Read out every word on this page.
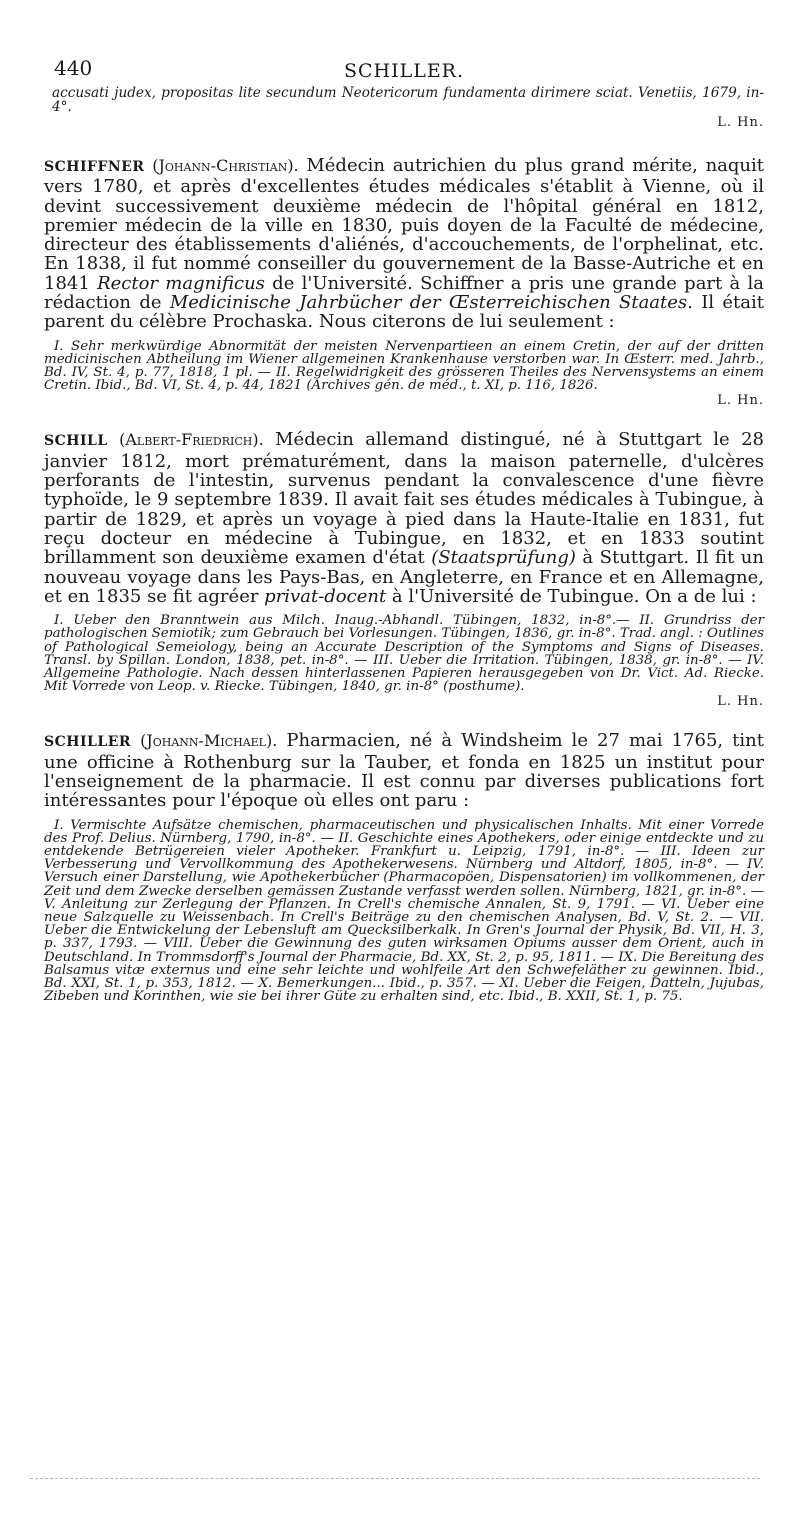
440	SCHILLER.

accusati judex, propositas lite secundum Neotericorum fundamenta dirimere sciat. Venetiis, 1679, in-4°.

L. Hn.

SCHIFFNER (Johann-Christian). Médecin autrichien du plus grand mérite, naquit vers 1780, et après d'excellentes études médicales s'établit à Vienne, où il devint successivement deuxième médecin de l'hôpital général en 1812, premier médecin de la ville en 1830, puis doyen de la Faculté de médecine, directeur des établissements d'aliénés, d'accouchements, de l'orphelinat, etc. En 1838, il fut nommé conseiller du gouvernement de la Basse-Autriche et en 1841 Rector magnificus de l'Université. Schiffner a pris une grande part à la rédaction de Medicinische Jahrbücher der Œsterreichischen Staates. Il était parent du célèbre Prochaska. Nous citerons de lui seulement :

I. Sehr merkwürdige Abnormität der meisten Nervenpartieen an einem Cretin, der auf der dritten medicinischen Abtheilung im Wiener allgemeinen Krankenhause verstorben war. In Œsterr. med. Jahrb., Bd. IV, St. 4, p. 77, 1818, 1 pl. — II. Regelwidrigkeit des grösseren Theiles des Nervensystems an einem Cretin. Ibid., Bd. VI, St. 4, p. 44, 1821 (Archives gén. de méd., t. XI, p. 116, 1826.

L. Hn.

SCHILL (Albert-Friedrich). Médecin allemand distingué, né à Stuttgart le 28 janvier 1812, mort prématurément, dans la maison paternelle, d'ulcères perforants de l'intestin, survenus pendant la convalescence d'une fièvre typhoïde, le 9 septembre 1839. Il avait fait ses études médicales à Tubingue, à partir de 1829, et après un voyage à pied dans la Haute-Italie en 1831, fut reçu docteur en médecine à Tubingue, en 1832, et en 1833 soutint brillamment son deuxième examen d'état (Staatsprüfung) à Stuttgart. Il fit un nouveau voyage dans les Pays-Bas, en Angleterre, en France et en Allemagne, et en 1835 se fit agréer privat-docent à l'Université de Tubingue. On a de lui :

I. Ueber den Branntwein aus Milch. Inaug.-Abhandl. Tübingen, 1832, in-8°.— II. Grundriss der pathologischen Semiotik; zum Gebrauch bei Vorlesungen. Tübingen, 1836, gr. in-8°. Trad. angl. : Outlines of Pathological Semeiology, being an Accurate Description of the Symptoms and Signs of Diseases. Transl. by Spillan. London, 1838, pet. in-8°. — III. Ueber die Irritation. Tübingen, 1838, gr. in-8°. — IV. Allgemeine Pathologie. Nach dessen hinterlassenen Papieren herausgegeben von Dr. Vict. Ad. Riecke. Mit Vorrede von Leop. v. Riecke. Tübingen, 1840, gr. in-8° (posthume).

L. Hn.

SCHILLER (Johann-Michael). Pharmacien, né à Windsheim le 27 mai 1765, tint une officine à Rothenburg sur la Tauber, et fonda en 1825 un institut pour l'enseignement de la pharmacie. Il est connu par diverses publications fort intéressantes pour l'époque où elles ont paru :

I. Vermischte Aufsätze chemischen, pharmaceutischen und physicalischen Inhalts. Mit einer Vorrede des Prof. Delius. Nürnberg, 1790, in-8°. — II. Geschichte eines Apothekers, oder einige entdeckte und zu entdekende Betrügereien vieler Apotheker. Frankfurt u. Leipzig, 1791, in-8°. — III. Ideen zur Verbesserung und Vervollkommung des Apothekerwesens. Nürnberg und Altdorf, 1805, in-8°. — IV. Versuch einer Darstellung, wie Apothekerbücher (Pharmacopöen, Dispensatorien) im vollkommenen, der Zeit und dem Zwecke derselben gemässen Zustande verfasst werden sollen. Nürnberg, 1821, gr. in-8°. — V. Anleitung zur Zerlegung der Pflanzen. In Crell's chemische Annalen, St. 9, 1791. — VI. Ueber eine neue Salzquelle zu Weissenbach. In Crell's Beiträge zu den chemischen Analysen, Bd. V, St. 2. — VII. Ueber die Entwickelung der Lebensluft am Quecksilberkalk. In Gren's Journal der Physik, Bd. VII, H. 3, p. 337, 1793. — VIII. Ueber die Gewinnung des guten wirksamen Opiums ausser dem Orient, auch in Deutschland. In Trommsdorff's Journal der Pharmacie, Bd. XX, St. 2, p. 95, 1811. — IX. Die Bereitung des Balsamus vitæ externus und eine sehr leichte und wohlfeile Art den Schwefeläther zu gewinnen. Ibid., Bd. XXI, St. 1, p. 353, 1812. — X. Bemerkungen... Ibid., p. 357. — XI. Ueber die Feigen, Datteln, Jujubas, Zibeben und Korinthen, wie sie bei ihrer Güte zu erhalten sind, etc. Ibid., B. XXII, St. 1, p. 75.
